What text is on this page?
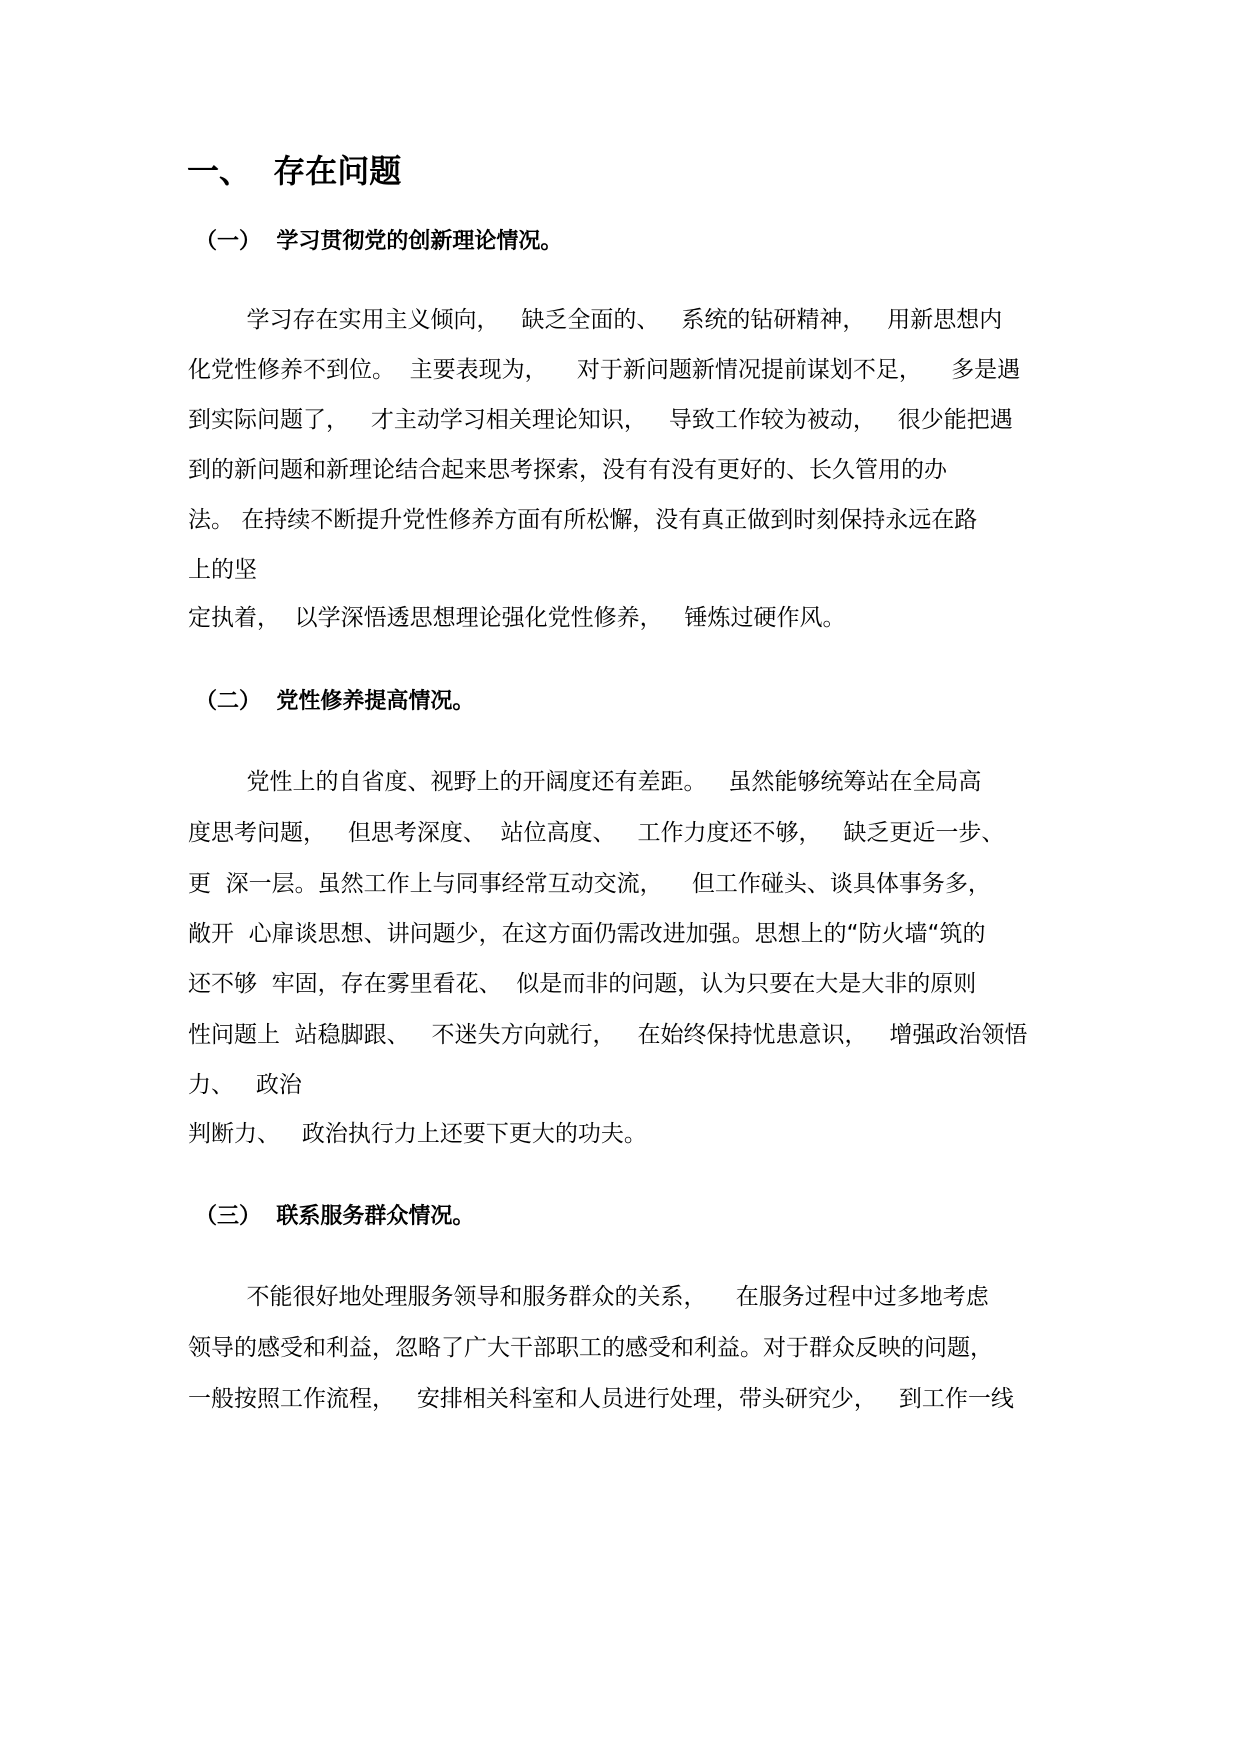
一、  存在问题
（一）  学习贯彻党的创新理论情况。
学习存在实用主义倾向，   缺乏全面的、   系统的钻研精神，   用新思想内
化党性修养不到位。  主要表现为，    对于新问题新情况提前谋划不足，    多是遇
到实际问题了，   才主动学习相关理论知识，   导致工作较为被动，   很少能把遇
到的新问题和新理论结合起来思考探索，没有有没有更好的、长久管用的办
法。 在持续不断提升党性修养方面有所松懈，没有真正做到时刻保持永远在路
上的坚
定执着，  以学深悟透思想理论强化党性修养，   锤炼过硬作风。
（二）  党性修养提高情况。
党性上的自省度、视野上的开阔度还有差距。   虽然能够统筹站在全局高
度思考问题，   但思考深度、  站位高度、   工作力度还不够，   缺乏更近一步、
更  深一层。虽然工作上与同事经常互动交流，    但工作碰头、谈具体事务多，
敞开  心扉谈思想、讲问题少，在这方面仍需改进加强。思想上的“防火墙“筑的
还不够  牢固，存在雾里看花、  似是而非的问题，认为只要在大是大非的原则
性问题上  站稳脚跟、   不迷失方向就行，   在始终保持忧患意识，   增强政治领悟
力、   政治
判断力、   政治执行力上还要下更大的功夫。
（三）  联系服务群众情况。
不能很好地处理服务领导和服务群众的关系，    在服务过程中过多地考虑
领导的感受和利益，忽略了广大干部职工的感受和利益。对于群众反映的问题，
一般按照工作流程，   安排相关科室和人员进行处理，带头研究少，   到工作一线
